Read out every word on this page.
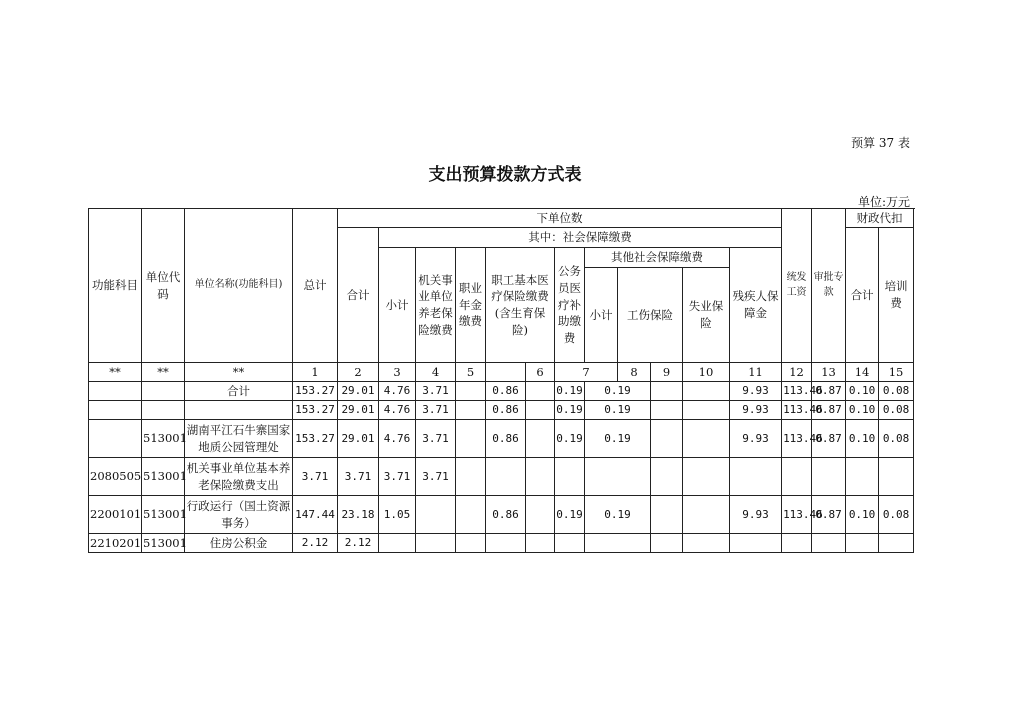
预算 37 表
支出预算拨款方式表
单位:万元
功能科目	单位代码	单位名称(功能科目)	总计	下单位数												统发工资	审批专款	财政代扣		
				合计	其中：社会保障缴费													合计	培训费		
					小计	机关事业单位养老保险缴费	职业年金缴费	职工基本医疗保险缴费(含生育保险)		公务员医疗补助缴费	其他社会保障缴费				残疾人保障金					
											小计	工伤保险		失业保险						
**	**	**	1	2	3	4	5		6	7		8	9	10	11	12	13	14	15	
		合计	153.27	29.01	4.76	3.71		0.86		0.19	0.19				9.93	113.46	0.87	0.10	0.08	
			153.27	29.01	4.76	3.71		0.86		0.19	0.19				9.93	113.46	0.87	0.10	0.08	
	513001	湖南平江石牛寨国家地质公园管理处	153.27	29.01	4.76	3.71		0.86		0.19	0.19				9.93	113.46	0.87	0.10	0.08	
2080505	513001	机关事业单位基本养老保险缴费支出	3.71	3.71	3.71	3.71														
2200101	513001	行政运行（国土资源事务）	147.44	23.18	1.05			0.86		0.19	0.19				9.93	113.46	0.87	0.10	0.08	
2210201	513001	住房公积金	2.12	2.12																
